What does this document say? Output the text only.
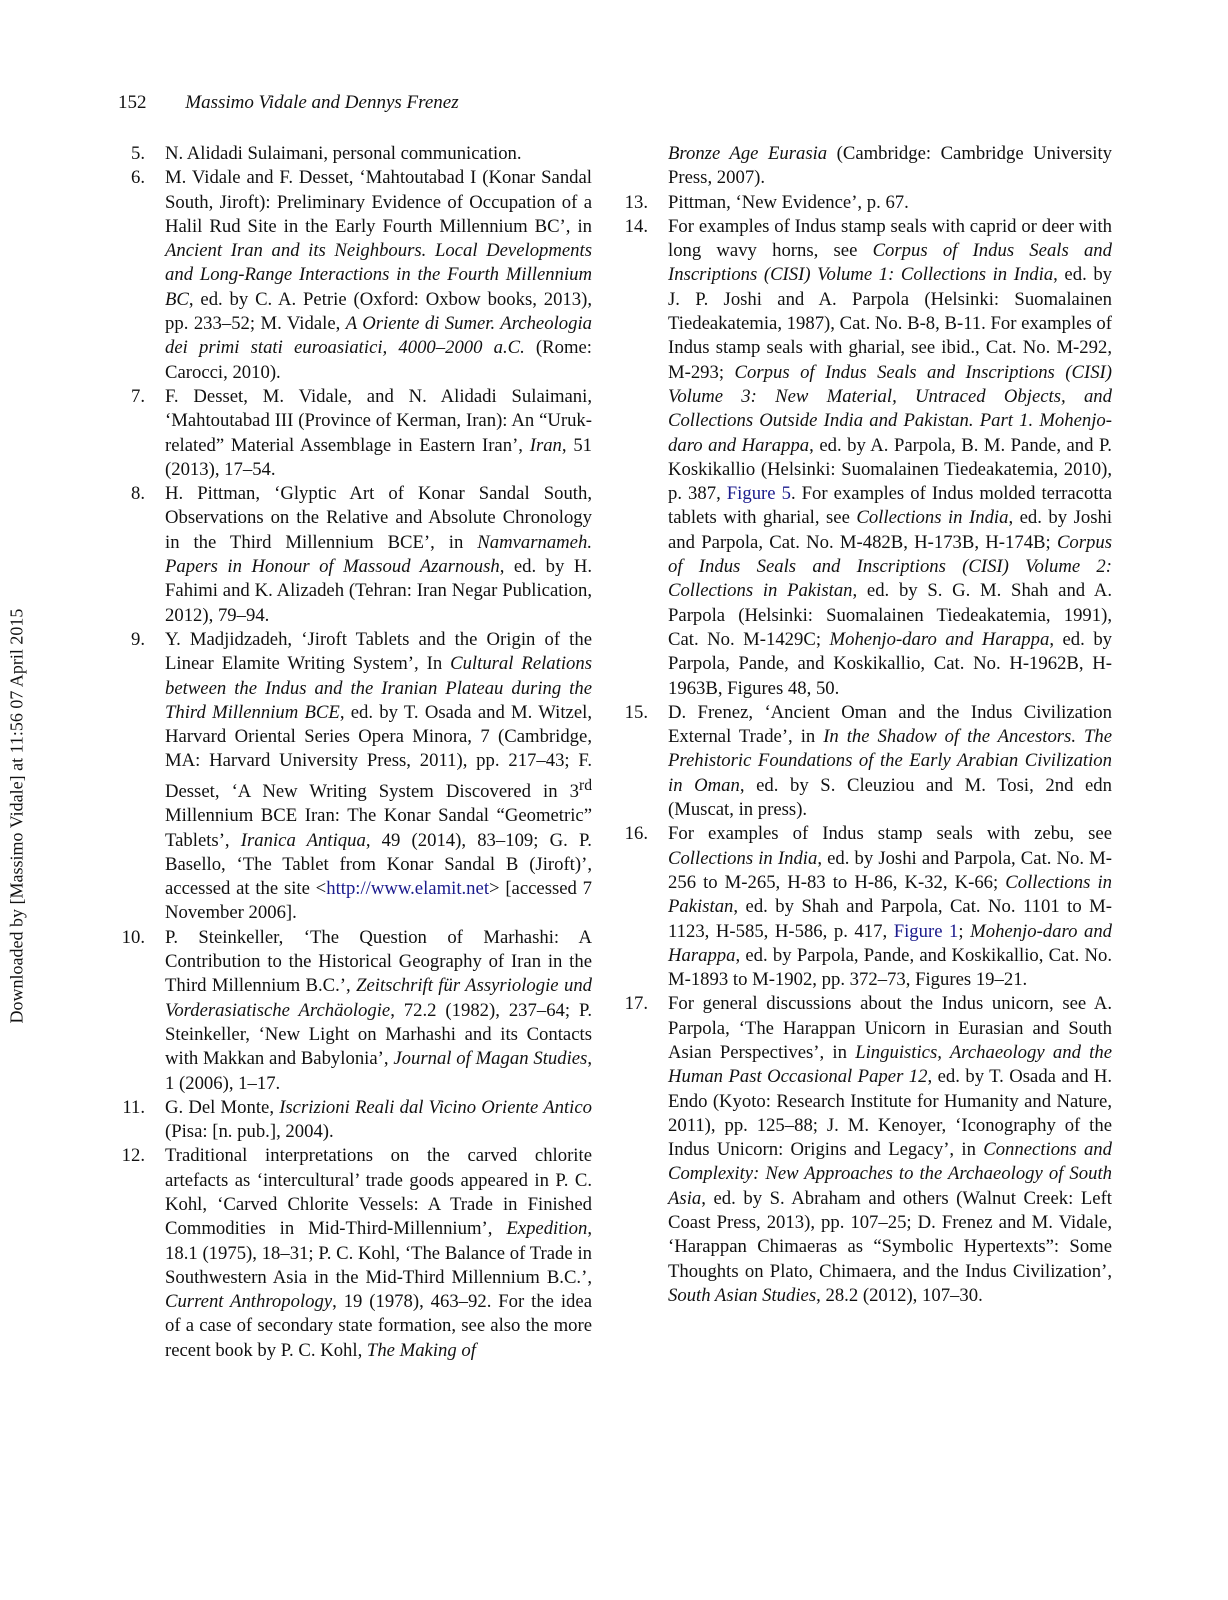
152 Massimo Vidale and Dennys Frenez
Downloaded by [Massimo Vidale] at 11:56 07 April 2015
5.	N. Alidadi Sulaimani, personal communication.
6.	M. Vidale and F. Desset, ‘Mahtoutabad I (Konar Sandal South, Jiroft): Preliminary Evidence of Occupation of a Halil Rud Site in the Early Fourth Millennium BC’, in Ancient Iran and its Neighbours. Local Developments and Long-Range Interactions in the Fourth Millennium BC, ed. by C. A. Petrie (Oxford: Oxbow books, 2013), pp. 233–52; M. Vidale, A Oriente di Sumer. Archeologia dei primi stati euroasiatici, 4000–2000 a.C. (Rome: Carocci, 2010).
7.	F. Desset, M. Vidale, and N. Alidadi Sulaimani, ‘Mahtoutabad III (Province of Kerman, Iran): An “Uruk-related” Material Assemblage in Eastern Iran’, Iran, 51 (2013), 17–54.
8.	H. Pittman, ‘Glyptic Art of Konar Sandal South, Observations on the Relative and Absolute Chronology in the Third Millennium BCE’, in Namvarnameh. Papers in Honour of Massoud Azarnoush, ed. by H. Fahimi and K. Alizadeh (Tehran: Iran Negar Publication, 2012), 79–94.
9.	Y. Madjidzadeh, ‘Jiroft Tablets and the Origin of the Linear Elamite Writing System’, In Cultural Relations between the Indus and the Iranian Plateau during the Third Millennium BCE, ed. by T. Osada and M. Witzel, Harvard Oriental Series Opera Minora, 7 (Cambridge, MA: Harvard University Press, 2011), pp. 217–43; F. Desset, ‘A New Writing System Discovered in 3rd Millennium BCE Iran: The Konar Sandal “Geometric” Tablets’, Iranica Antiqua, 49 (2014), 83–109; G. P. Basello, ‘The Tablet from Konar Sandal B (Jiroft)’, accessed at the site <http://www.elamit.net> [accessed 7 November 2006].
10.	P. Steinkeller, ‘The Question of Marhashi: A Contribution to the Historical Geography of Iran in the Third Millennium B.C.’, Zeitschrift für Assyriologie und Vorderasiatische Archäologie, 72.2 (1982), 237–64; P. Steinkeller, ‘New Light on Marhashi and its Contacts with Makkan and Babylonia’, Journal of Magan Studies, 1 (2006), 1–17.
11.	G. Del Monte, Iscrizioni Reali dal Vicino Oriente Antico (Pisa: [n. pub.], 2004).
12.	Traditional interpretations on the carved chlorite artefacts as ‘intercultural’ trade goods appeared in P. C. Kohl, ‘Carved Chlorite Vessels: A Trade in Finished Commodities in Mid-Third-Millennium’, Expedition, 18.1 (1975), 18–31; P. C. Kohl, ‘The Balance of Trade in Southwestern Asia in the Mid-Third Millennium B.C.’, Current Anthropology, 19 (1978), 463–92. For the idea of a case of secondary state formation, see also the more recent book by P. C. Kohl, The Making of
Bronze Age Eurasia (Cambridge: Cambridge University Press, 2007).
13.	Pittman, ‘New Evidence’, p. 67.
14.	For examples of Indus stamp seals with caprid or deer with long wavy horns, see Corpus of Indus Seals and Inscriptions (CISI) Volume 1: Collections in India, ed. by J. P. Joshi and A. Parpola (Helsinki: Suomalainen Tiedeakatemia, 1987), Cat. No. B-8, B-11. For examples of Indus stamp seals with gharial, see ibid., Cat. No. M-292, M-293; Corpus of Indus Seals and Inscriptions (CISI) Volume 3: New Material, Untraced Objects, and Collections Outside India and Pakistan. Part 1. Mohenjo-daro and Harappa, ed. by A. Parpola, B. M. Pande, and P. Koskikallio (Helsinki: Suomalainen Tiedeakatemia, 2010), p. 387, Figure 5. For examples of Indus molded terracotta tablets with gharial, see Collections in India, ed. by Joshi and Parpola, Cat. No. M-482B, H-173B, H-174B; Corpus of Indus Seals and Inscriptions (CISI) Volume 2: Collections in Pakistan, ed. by S. G. M. Shah and A. Parpola (Helsinki: Suomalainen Tiedeakatemia, 1991), Cat. No. M-1429C; Mohenjo-daro and Harappa, ed. by Parpola, Pande, and Koskikallio, Cat. No. H-1962B, H-1963B, Figures 48, 50.
15.	D. Frenez, ‘Ancient Oman and the Indus Civilization External Trade’, in In the Shadow of the Ancestors. The Prehistoric Foundations of the Early Arabian Civilization in Oman, ed. by S. Cleuziou and M. Tosi, 2nd edn (Muscat, in press).
16.	For examples of Indus stamp seals with zebu, see Collections in India, ed. by Joshi and Parpola, Cat. No. M-256 to M-265, H-83 to H-86, K-32, K-66; Collections in Pakistan, ed. by Shah and Parpola, Cat. No. 1101 to M-1123, H-585, H-586, p. 417, Figure 1; Mohenjo-daro and Harappa, ed. by Parpola, Pande, and Koskikallio, Cat. No. M-1893 to M-1902, pp. 372–73, Figures 19–21.
17.	For general discussions about the Indus unicorn, see A. Parpola, ‘The Harappan Unicorn in Eurasian and South Asian Perspectives’, in Linguistics, Archaeology and the Human Past Occasional Paper 12, ed. by T. Osada and H. Endo (Kyoto: Research Institute for Humanity and Nature, 2011), pp. 125–88; J. M. Kenoyer, ‘Iconography of the Indus Unicorn: Origins and Legacy’, in Connections and Complexity: New Approaches to the Archaeology of South Asia, ed. by S. Abraham and others (Walnut Creek: Left Coast Press, 2013), pp. 107–25; D. Frenez and M. Vidale, ‘Harappan Chimaeras as “Symbolic Hypertexts”: Some Thoughts on Plato, Chimaera, and the Indus Civilization’, South Asian Studies, 28.2 (2012), 107–30.
